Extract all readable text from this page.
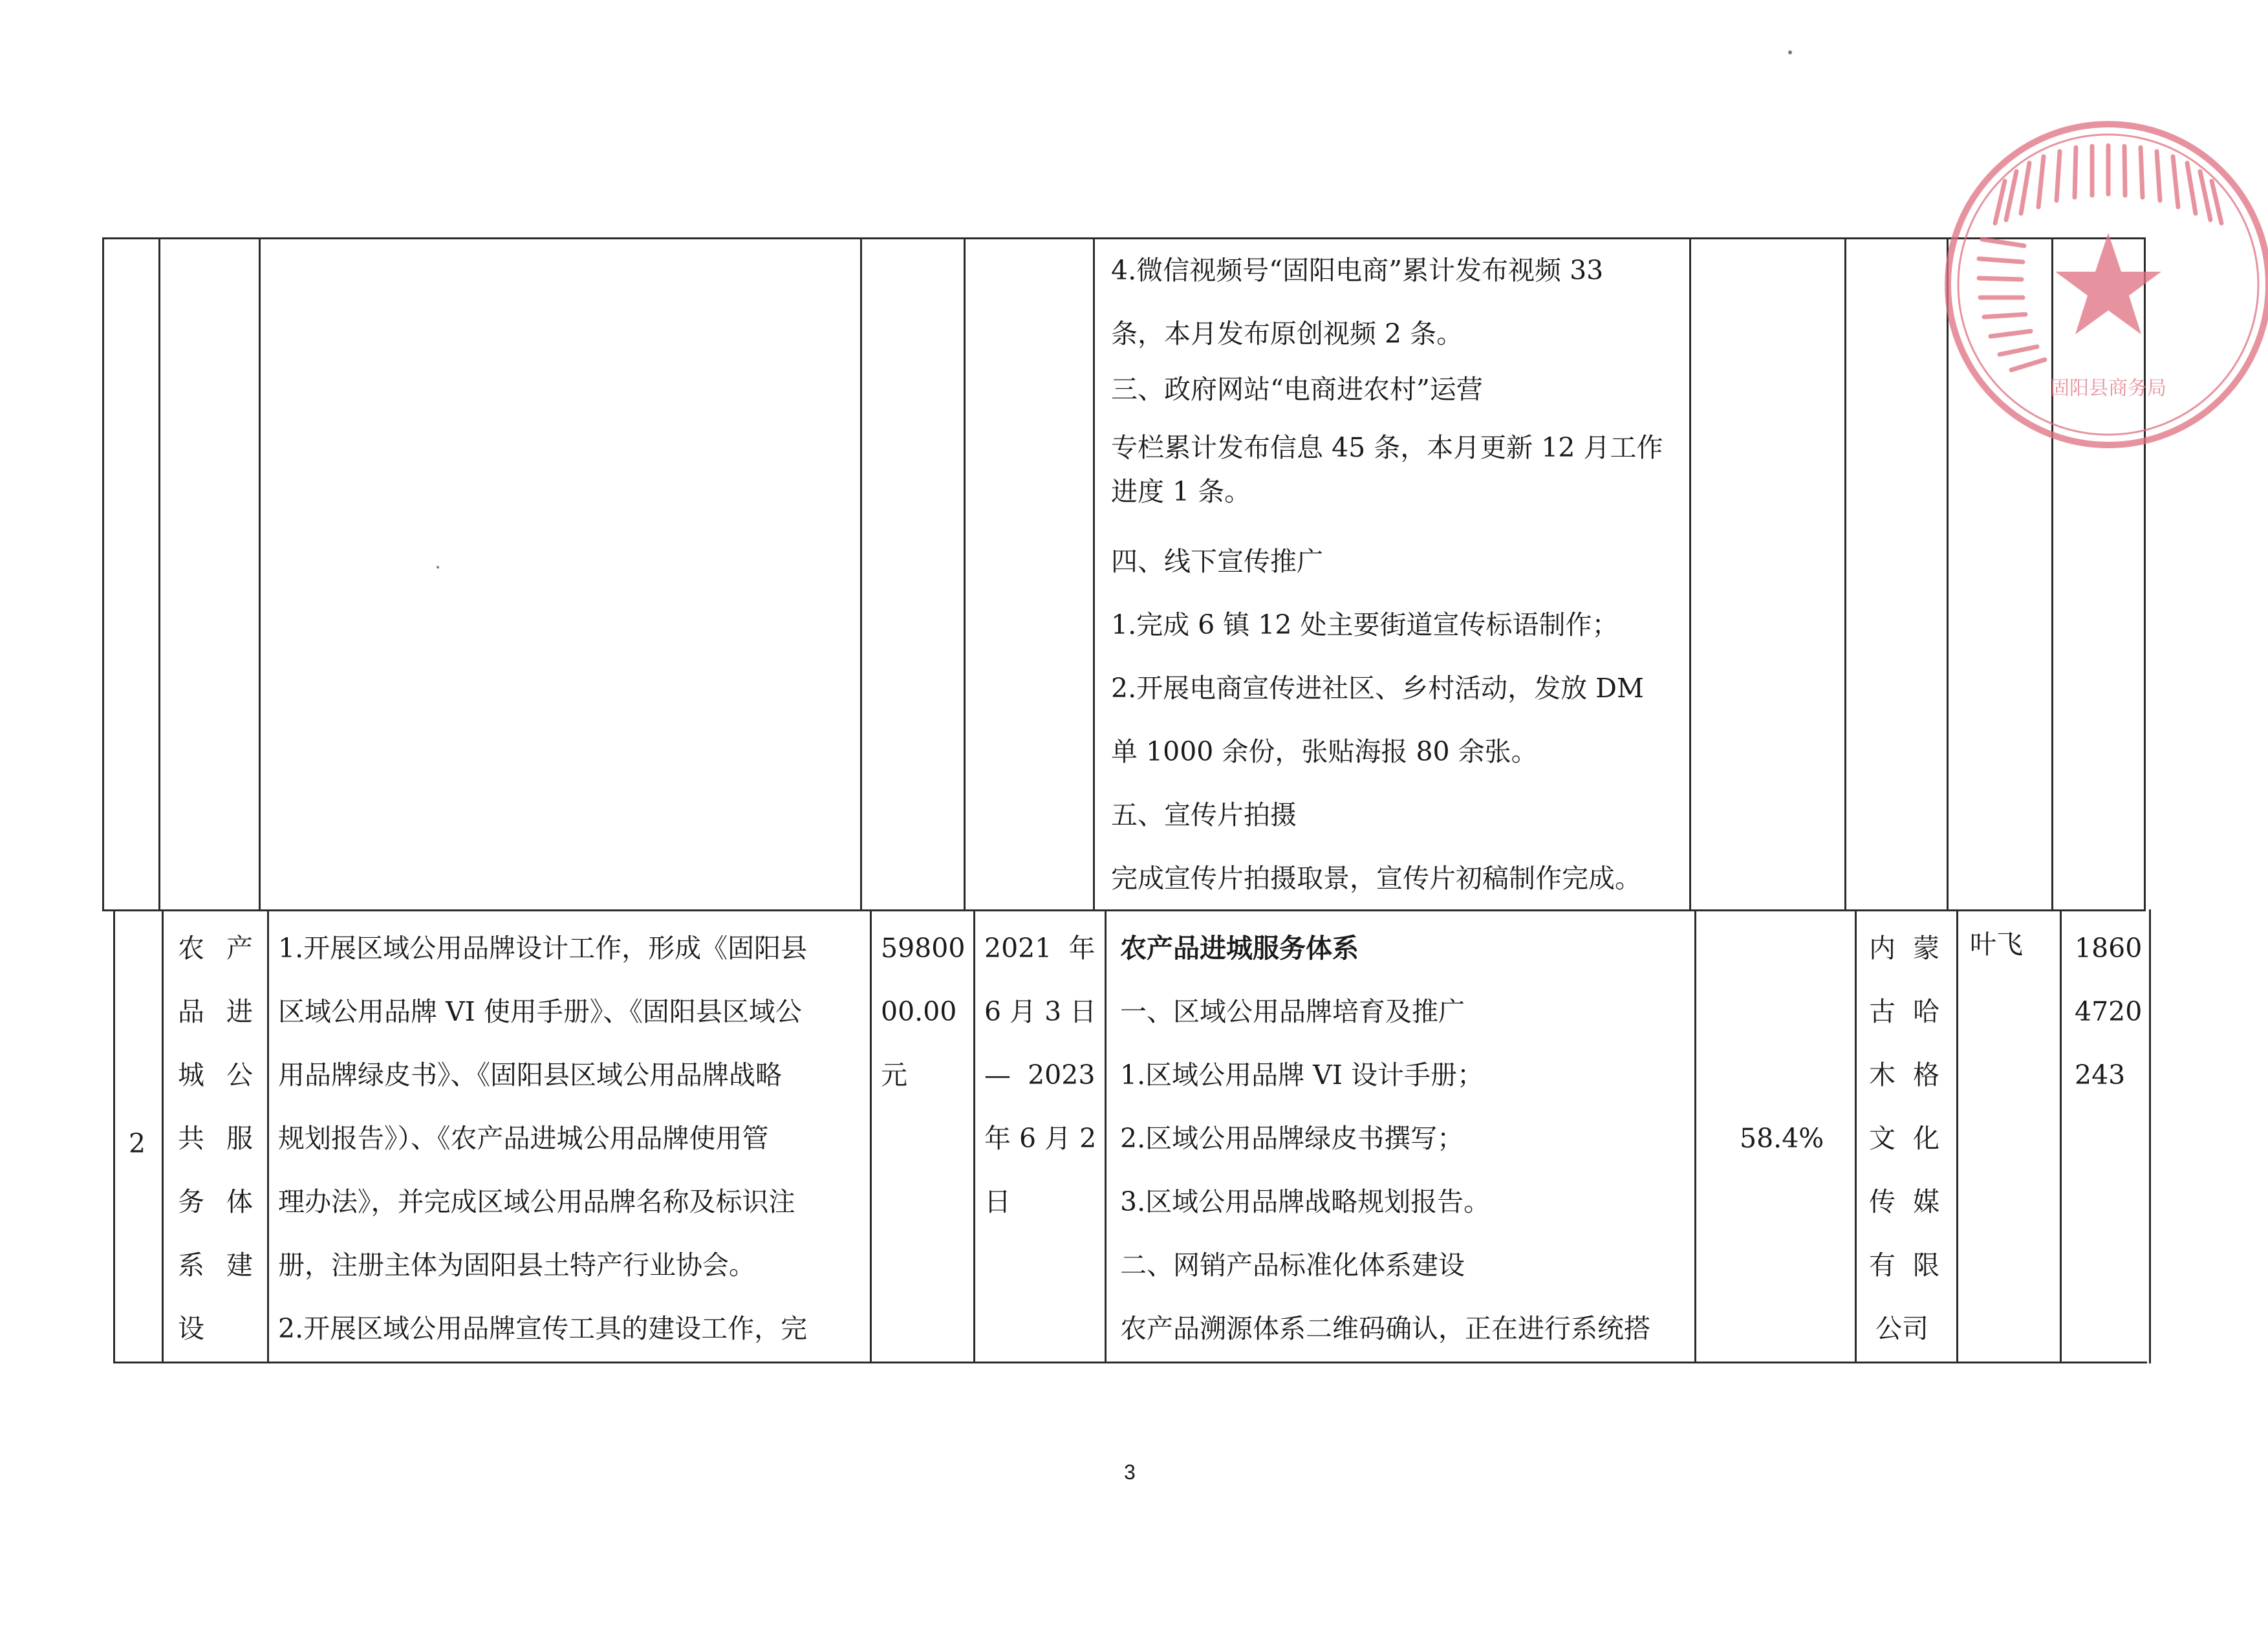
4.微信视频号“固阳电商”累计发布视频 33
条，本月发布原创视频 2 条。
三、政府网站“电商进农村”运营
专栏累计发布信息 45 条，本月更新 12 月工作
进度 1 条。
四、线下宣传推广
1.完成 6 镇 12 处主要街道宣传标语制作；
2.开展电商宣传进社区、乡村活动，发放 DM
单 1000 余份，张贴海报 80 余张。
五、宣传片拍摄
完成宣传片拍摄取景，宣传片初稿制作完成。
2
农 产
品 进
城 公
共 服
务 体
系 建
设
1.开展区域公用品牌设计工作，形成《固阳县
区域公用品牌 VI 使用手册》、《固阳县区域公
用品牌绿皮书》、《固阳县区域公用品牌战略
规划报告》）、《农产品进城公用品牌使用管
理办法》，并完成区域公用品牌名称及标识注
册，注册主体为固阳县土特产行业协会。
2.开展区域公用品牌宣传工具的建设工作，完
59800
00.00
元
2021  年
6 月 3 日
—  2023
年 6 月 2
日
农产品进城服务体系
一、区域公用品牌培育及推广
1.区域公用品牌 VI 设计手册；
2.区域公用品牌绿皮书撰写；
3.区域公用品牌战略规划报告。
二、网销产品标准化体系建设
农产品溯源体系二维码确认，正在进行系统搭
58.4%
内 蒙
古 哈
木 格
文 化
传 媒
有 限
公司
叶飞 1860
4720
243
3
固阳县商务局
